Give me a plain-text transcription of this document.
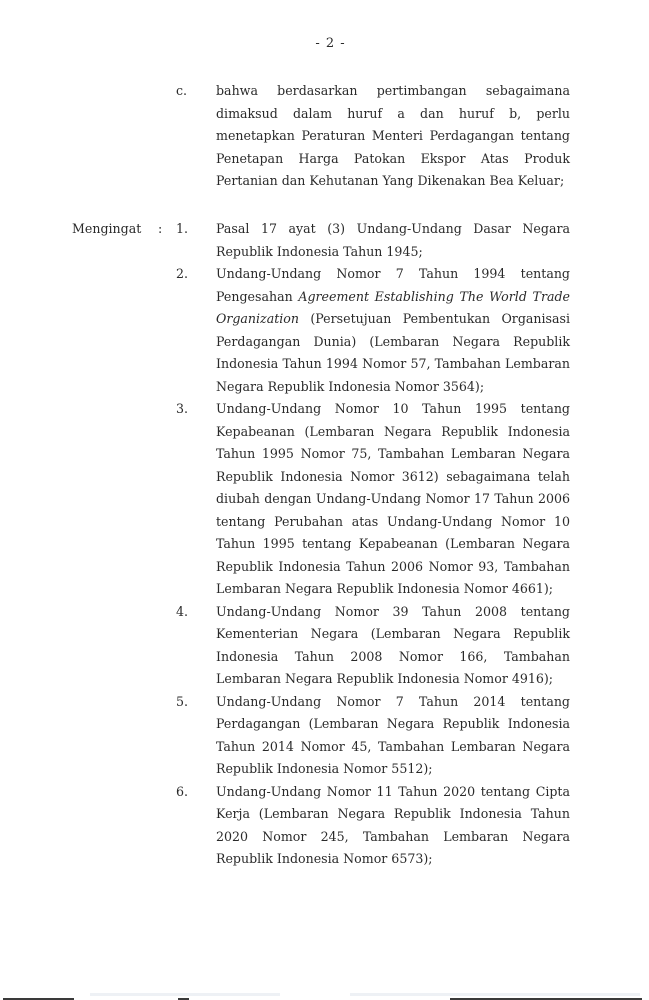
- 2 -
c. bahwa berdasarkan pertimbangan sebagaimana dimaksud dalam huruf a dan huruf b, perlu menetapkan Peraturan Menteri Perdagangan tentang Penetapan Harga Patokan Ekspor Atas Produk Pertanian dan Kehutanan Yang Dikenakan Bea Keluar;
Mengingat : 1. Pasal 17 ayat (3) Undang-Undang Dasar Negara Republik Indonesia Tahun 1945;
2. Undang-Undang Nomor 7 Tahun 1994 tentang Pengesahan Agreement Establishing The World Trade Organization (Persetujuan Pembentukan Organisasi Perdagangan Dunia) (Lembaran Negara Republik Indonesia Tahun 1994 Nomor 57, Tambahan Lembaran Negara Republik Indonesia Nomor 3564);
3. Undang-Undang Nomor 10 Tahun 1995 tentang Kepabeanan (Lembaran Negara Republik Indonesia Tahun 1995 Nomor 75, Tambahan Lembaran Negara Republik Indonesia Nomor 3612) sebagaimana telah diubah dengan Undang-Undang Nomor 17 Tahun 2006 tentang Perubahan atas Undang-Undang Nomor 10 Tahun 1995 tentang Kepabeanan (Lembaran Negara Republik Indonesia Tahun 2006 Nomor 93, Tambahan Lembaran Negara Republik Indonesia Nomor 4661);
4. Undang-Undang Nomor 39 Tahun 2008 tentang Kementerian Negara (Lembaran Negara Republik Indonesia Tahun 2008 Nomor 166, Tambahan Lembaran Negara Republik Indonesia Nomor 4916);
5. Undang-Undang Nomor 7 Tahun 2014 tentang Perdagangan (Lembaran Negara Republik Indonesia Tahun 2014 Nomor 45, Tambahan Lembaran Negara Republik Indonesia Nomor 5512);
6. Undang-Undang Nomor 11 Tahun 2020 tentang Cipta Kerja (Lembaran Negara Republik Indonesia Tahun 2020 Nomor 245, Tambahan Lembaran Negara Republik Indonesia Nomor 6573);
